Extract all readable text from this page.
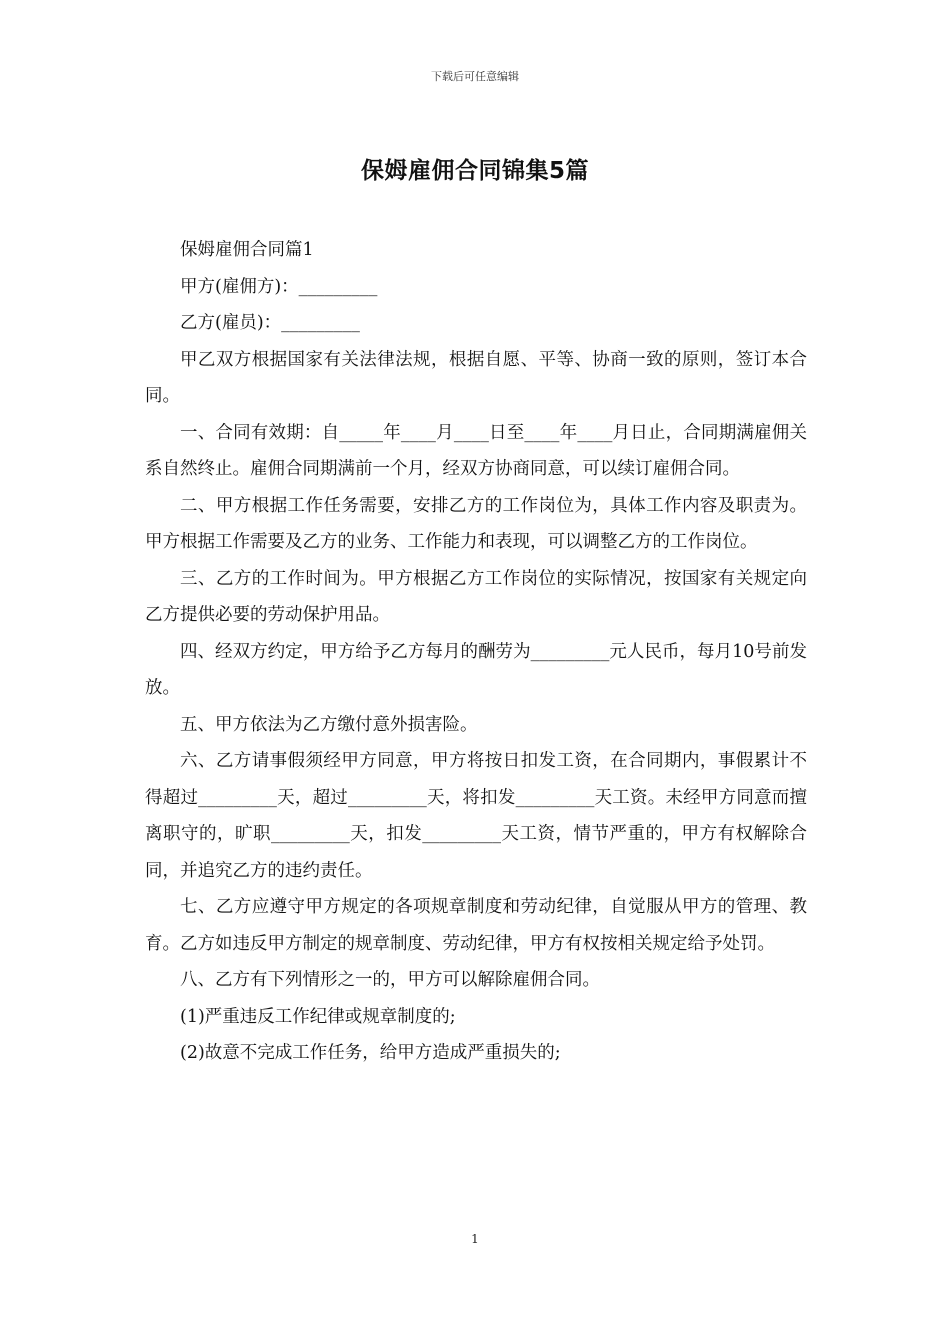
下载后可任意编辑
保姆雇佣合同锦集5篇

保姆雇佣合同篇1

甲方(雇佣方)：_________

乙方(雇员)：_________

甲乙双方根据国家有关法律法规，根据自愿、平等、协商一致的原则，签订本合同。

一、合同有效期：自_____年____月____日至____年____月日止，合同期满雇佣关系自然终止。雇佣合同期满前一个月，经双方协商同意，可以续订雇佣合同。

二、甲方根据工作任务需要，安排乙方的工作岗位为，具体工作内容及职责为。甲方根据工作需要及乙方的业务、工作能力和表现，可以调整乙方的工作岗位。

三、乙方的工作时间为。甲方根据乙方工作岗位的实际情况，按国家有关规定向乙方提供必要的劳动保护用品。

四、经双方约定，甲方给予乙方每月的酬劳为_________元人民币，每月10号前发放。

五、甲方依法为乙方缴付意外损害险。

六、乙方请事假须经甲方同意，甲方将按日扣发工资，在合同期内，事假累计不得超过_________天，超过_________天，将扣发_________天工资。未经甲方同意而擅离职守的，旷职_________天，扣发_________天工资，情节严重的，甲方有权解除合同，并追究乙方的违约责任。

七、乙方应遵守甲方规定的各项规章制度和劳动纪律，自觉服从甲方的管理、教育。乙方如违反甲方制定的规章制度、劳动纪律，甲方有权按相关规定给予处罚。

八、乙方有下列情形之一的，甲方可以解除雇佣合同。

(1)严重违反工作纪律或规章制度的;

(2)故意不完成工作任务，给甲方造成严重损失的;

1
